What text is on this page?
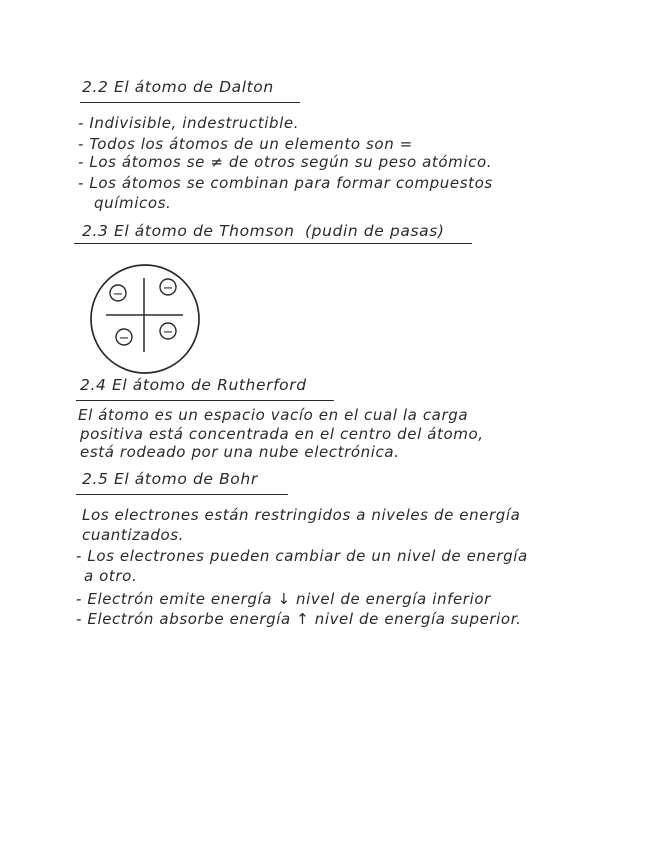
2.2 El átomo de Dalton
- Indivisible, indestructible.
- Todos los átomos de un elemento son =
- Los átomos se ≠ de otros según su peso atómico.
- Los átomos se combinan para formar compuestos
químicos.
2.3 El átomo de Thomson (pudin de pasas)
−	−
−	−
2.4 El átomo de Rutherford
El átomo es un espacio vacío en el cual la carga
positiva está concentrada en el centro del átomo,
está rodeado por una nube electrónica.
2.5 El átomo de Bohr
Los electrones están restringidos a niveles de energía
cuantizados.
- Los electrones pueden cambiar de un nivel de energía
a otro.
- Electrón emite energía ↓ nivel de energía inferior
- Electrón absorbe energía ↑ nivel de energía superior.
